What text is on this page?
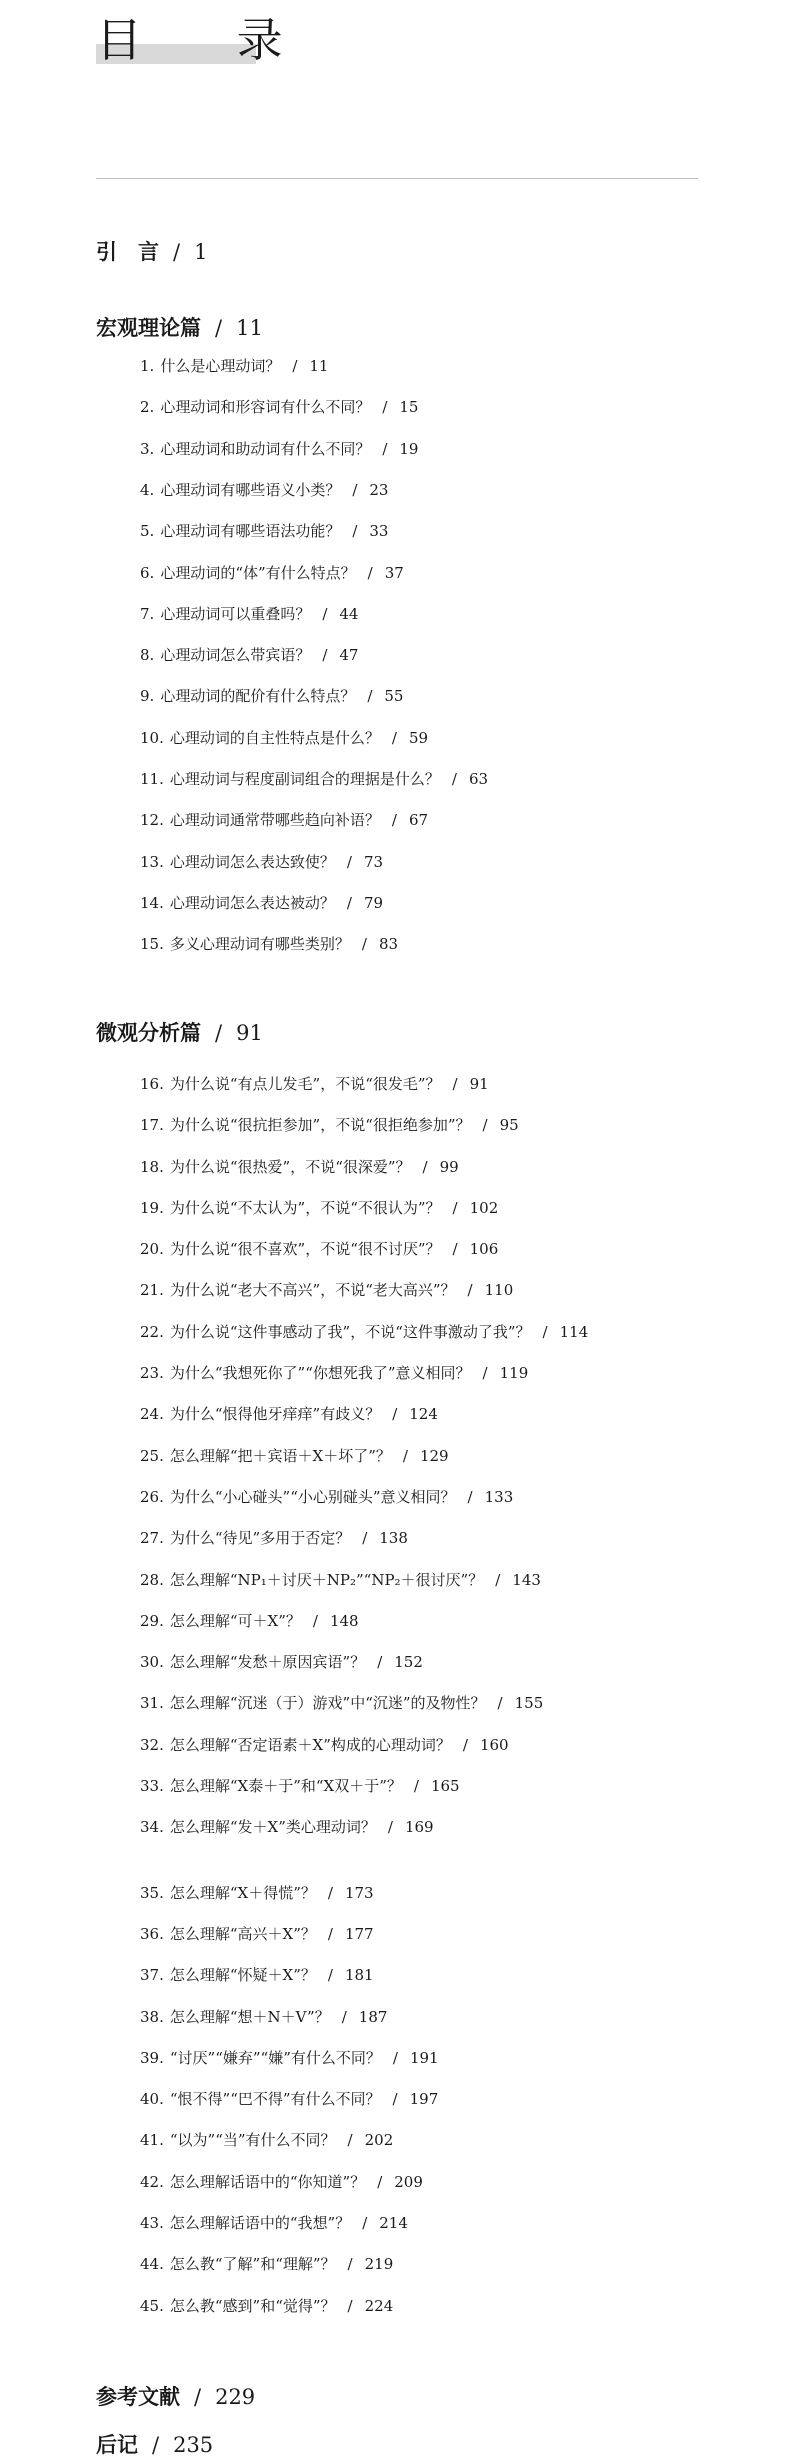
目 录
引　言 / 1
宏观理论篇 / 11
1. 什么是心理动词？ / 11
2. 心理动词和形容词有什么不同？ / 15
3. 心理动词和助动词有什么不同？ / 19
4. 心理动词有哪些语义小类？ / 23
5. 心理动词有哪些语法功能？ / 33
6. 心理动词的“体”有什么特点？ / 37
7. 心理动词可以重叠吗？ / 44
8. 心理动词怎么带宾语？ / 47
9. 心理动词的配价有什么特点？ / 55
10. 心理动词的自主性特点是什么？ / 59
11. 心理动词与程度副词组合的理据是什么？ / 63
12. 心理动词通常带哪些趋向补语？ / 67
13. 心理动词怎么表达致使？ / 73
14. 心理动词怎么表达被动？ / 79
15. 多义心理动词有哪些类别？ / 83
微观分析篇 / 91
16. 为什么说“有点儿发毛”，不说“很发毛”？ / 91
17. 为什么说“很抗拒参加”，不说“很拒绝参加”？ / 95
18. 为什么说“很热爱”，不说“很深爱”？ / 99
19. 为什么说“不太认为”，不说“不很认为”？ / 102
20. 为什么说“很不喜欢”，不说“很不讨厌”？ / 106
21. 为什么说“老大不高兴”，不说“老大高兴”？ / 110
22. 为什么说“这件事感动了我”，不说“这件事激动了我”？ / 114
23. 为什么“我想死你了”“你想死我了”意义相同？ / 119
24. 为什么“恨得他牙痒痒”有歧义？ / 124
25. 怎么理解“把＋宾语＋X＋坏了”？ / 129
26. 为什么“小心碰头”“小心别碰头”意义相同？ / 133
27. 为什么“待见”多用于否定？ / 138
28. 怎么理解“NP₁＋讨厌＋NP₂”“NP₂＋很讨厌”？ / 143
29. 怎么理解“可＋X”？ / 148
30. 怎么理解“发愁＋原因宾语”？ / 152
31. 怎么理解“沉迷（于）游戏”中“沉迷”的及物性？ / 155
32. 怎么理解“否定语素＋X”构成的心理动词？ / 160
33. 怎么理解“X泰＋于”和“X双＋于”？ / 165
34. 怎么理解“发＋X”类心理动词？ / 169
35. 怎么理解“X＋得慌”？ / 173
36. 怎么理解“高兴＋X”？ / 177
37. 怎么理解“怀疑＋X”？ / 181
38. 怎么理解“想＋N＋V”？ / 187
39. “讨厌”“嫌弃”“嫌”有什么不同？ / 191
40. “恨不得”“巴不得”有什么不同？ / 197
41. “以为”“当”有什么不同？ / 202
42. 怎么理解话语中的“你知道”？ / 209
43. 怎么理解话语中的“我想”？ / 214
44. 怎么教“了解”和“理解”？ / 219
45. 怎么教“感到”和“觉得”？ / 224
参考文献 / 229
后记 / 235
